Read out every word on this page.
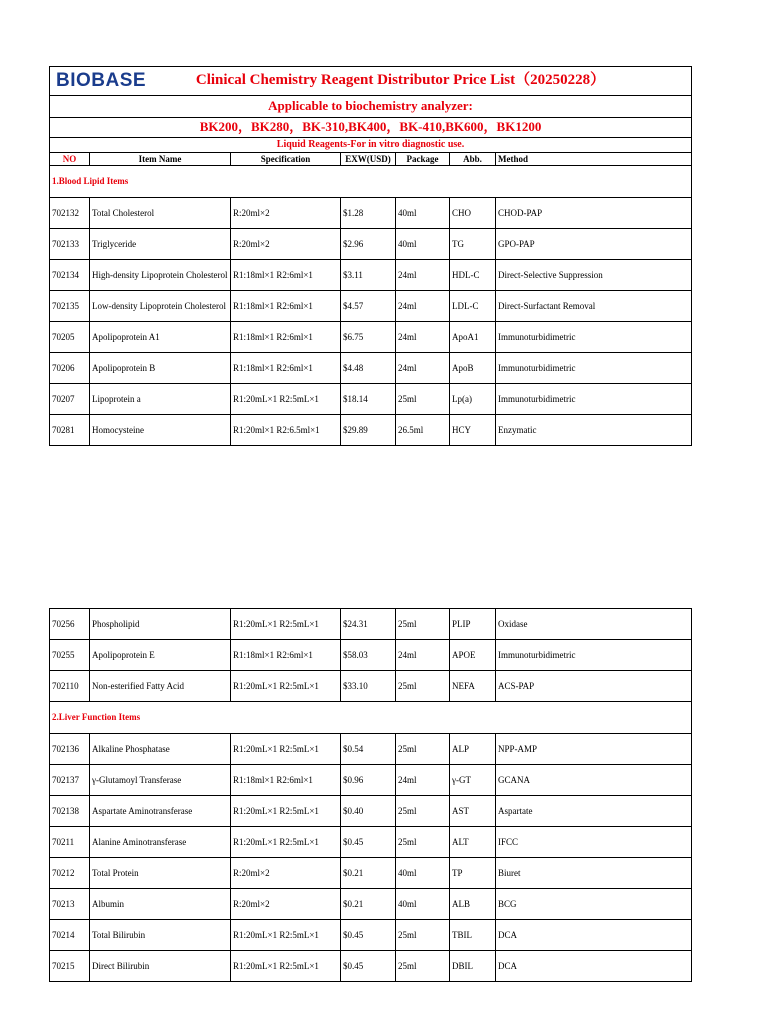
BIOBASE Clinical Chemistry Reagent Distributor Price List（20250228）						

Applicable to biochemistry analyzer:						
BK200，BK280，BK-310,BK400，BK-410,BK600，BK1200						
Liquid Reagents-For in vitro diagnostic use.						
NO	Item Name	Specification	EXW(USD)	Package	Abb.	Method
1.Blood Lipid Items						
702132	Total Cholesterol	R:20ml×2	$1.28	40ml	CHO	CHOD-PAP
702133	Triglyceride	R:20ml×2	$2.96	40ml	TG	GPO-PAP
702134	High-density Lipoprotein Cholesterol	R1:18ml×1 R2:6ml×1	$3.11	24ml	HDL-C	Direct-Selective Suppression
702135	Low-density Lipoprotein Cholesterol	R1:18ml×1 R2:6ml×1	$4.57	24ml	LDL-C	Direct-Surfactant Removal
70205	Apolipoprotein A1	R1:18ml×1 R2:6ml×1	$6.75	24ml	ApoA1	Immunoturbidimetric
70206	Apolipoprotein B	R1:18ml×1 R2:6ml×1	$4.48	24ml	ApoB	Immunoturbidimetric
70207	Lipoprotein a	R1:20mL×1 R2:5mL×1	$18.14	25ml	Lp(a)	Immunoturbidimetric
70281	Homocysteine	R1:20ml×1 R2:6.5ml×1	$29.89	26.5ml	HCY	Enzymatic
70256	Phospholipid	R1:20mL×1 R2:5mL×1	$24.31	25ml	PLIP	Oxidase
70255	Apolipoprotein E	R1:18ml×1 R2:6ml×1	$58.03	24ml	APOE	Immunoturbidimetric
702110	Non-esterified Fatty Acid	R1:20mL×1 R2:5mL×1	$33.10	25ml	NEFA	ACS-PAP
2.Liver Function Items						
702136	Alkaline Phosphatase	R1:20mL×1 R2:5mL×1	$0.54	25ml	ALP	NPP-AMP
702137	γ-Glutamoyl Transferase	R1:18ml×1 R2:6ml×1	$0.96	24ml	γ-GT	GCANA
702138	Aspartate Aminotransferase	R1:20mL×1 R2:5mL×1	$0.40	25ml	AST	Aspartate
70211	Alanine Aminotransferase	R1:20mL×1 R2:5mL×1	$0.45	25ml	ALT	IFCC
70212	Total Protein	R:20ml×2	$0.21	40ml	TP	Biuret
70213	Albumin	R:20ml×2	$0.21	40ml	ALB	BCG
70214	Total Bilirubin	R1:20mL×1 R2:5mL×1	$0.45	25ml	TBIL	DCA
70215	Direct Bilirubin	R1:20mL×1 R2:5mL×1	$0.45	25ml	DBIL	DCA
